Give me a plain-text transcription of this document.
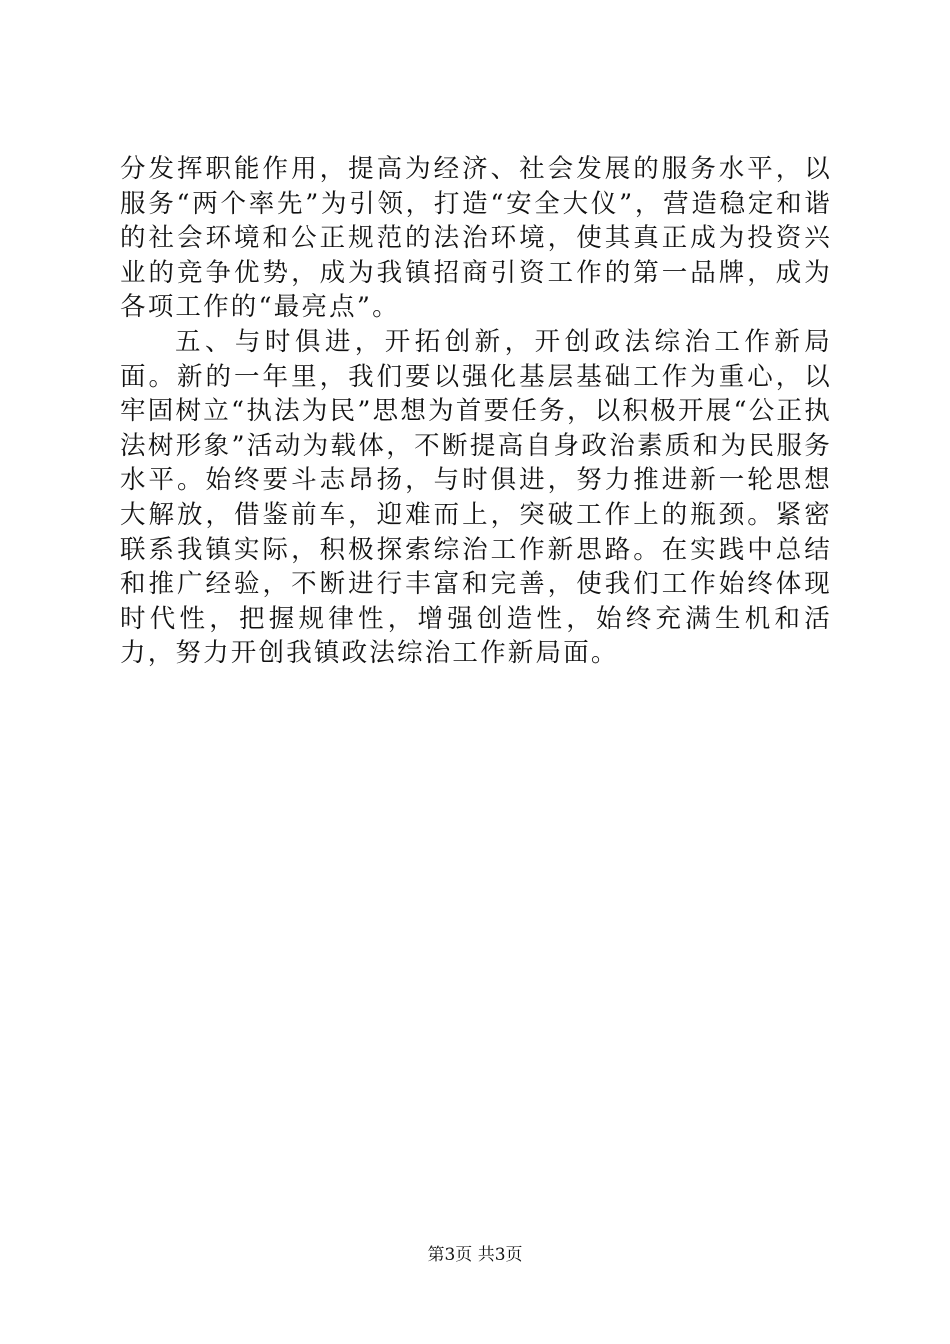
分发挥职能作用，提高为经济、社会发展的服务水平，以服务“两个率先”为引领，打造“安全大仪”，营造稳定和谐的社会环境和公正规范的法治环境，使其真正成为投资兴业的竞争优势，成为我镇招商引资工作的第一品牌，成为各项工作的“最亮点”。

五、与时俱进，开拓创新，开创政法综治工作新局面。新的一年里，我们要以强化基层基础工作为重心，以牢固树立“执法为民”思想为首要任务，以积极开展“公正执法树形象”活动为载体，不断提高自身政治素质和为民服务水平。始终要斗志昂扬，与时俱进，努力推进新一轮思想大解放，借鉴前车，迎难而上，突破工作上的瓶颈。紧密联系我镇实际，积极探索综治工作新思路。在实践中总结和推广经验，不断进行丰富和完善，使我们工作始终体现时代性，把握规律性，增强创造性，始终充满生机和活力，努力开创我镇政法综治工作新局面。

第3页 共3页
